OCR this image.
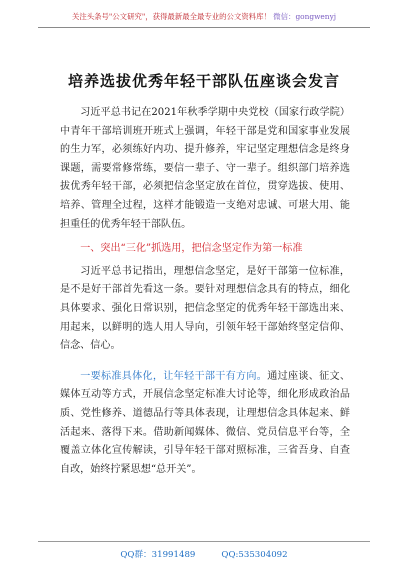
关注头条号"公文研究"，获得最新最全最专业的公文资料库！ 微信：gongwenyj
培养选拔优秀年轻干部队伍座谈会发言

习近平总书记在2021年秋季学期中央党校（国家行政学院）中青年干部培训班开班式上强调，年轻干部是党和国家事业发展的生力军，必须练好内功、提升修养，牢记坚定理想信念是终身课题，需要常修常练，要信一辈子、守一辈子。组织部门培养选拔优秀年轻干部，必须把信念坚定放在首位，贯穿选拔、使用、培养、管理全过程，这样才能锻造一支绝对忠诚、可堪大用、能担重任的优秀年轻干部队伍。

一、突出“三化”抓选用，把信念坚定作为第一标准

习近平总书记指出，理想信念坚定，是好干部第一位标准，是不是好干部首先看这一条。要针对理想信念具有的特点，细化具体要求、强化日常识别，把信念坚定的优秀年轻干部选出来、用起来，以鲜明的选人用人导向，引领年轻干部始终坚定信仰、信念、信心。

一要标准具体化，让年轻干部干有方向。通过座谈、征文、媒体互动等方式，开展信念坚定标准大讨论等，细化形成政治品质、党性修养、道德品行等具体表现，让理想信念具体起来、鲜活起来、落得下来。借助新闻媒体、微信、党员信息平台等，全覆盖立体化宣传解读，引导年轻干部对照标准，三省吾身、自查自改，始终拧紧思想“总开关”。

QQ群：31991489	QQ:535304092
